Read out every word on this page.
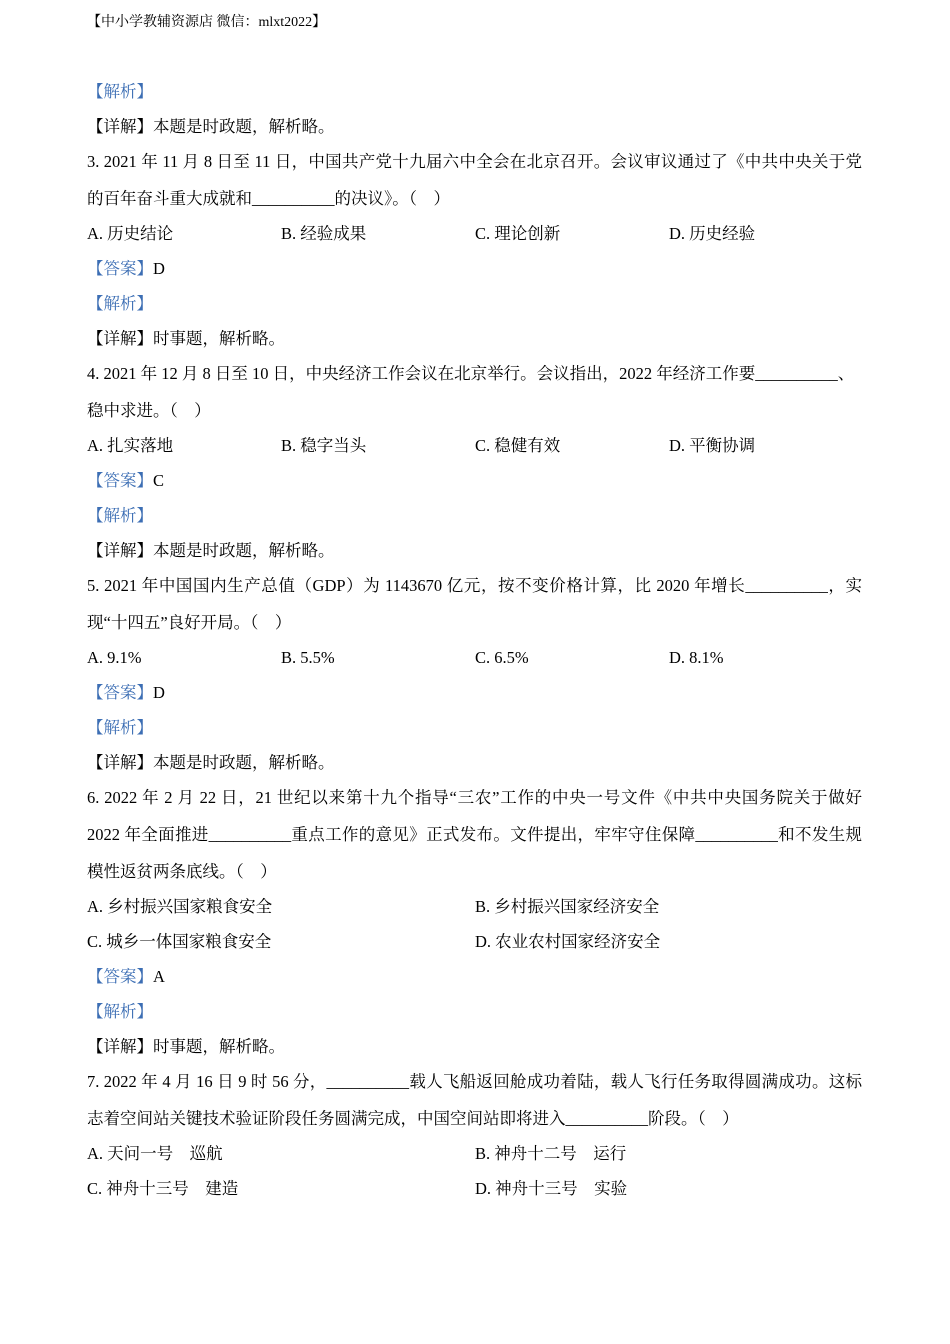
【中小学教辅资源店 微信：mlxt2022】
【解析】
【详解】本题是时政题，解析略。
3. 2021 年 11 月 8 日至 11 日，中国共产党十九届六中全会在北京召开。会议审议通过了《中共中央关于党
的百年奋斗重大成就和__________的决议》。（　）
A. 历史结论	B. 经验成果	C. 理论创新	D. 历史经验
【答案】D
【解析】
【详解】时事题，解析略。
4. 2021 年 12 月 8 日至 10 日，中央经济工作会议在北京举行。会议指出，2022 年经济工作要__________、
稳中求进。（　）
A. 扎实落地	B. 稳字当头	C. 稳健有效	D. 平衡协调
【答案】C
【解析】
【详解】本题是时政题，解析略。
5. 2021 年中国国内生产总值（GDP）为 1143670 亿元，按不变价格计算，比 2020 年增长__________，实
现“十四五”良好开局。（　）
A. 9.1%	B. 5.5%	C. 6.5%	D. 8.1%
【答案】D
【解析】
【详解】本题是时政题，解析略。
6. 2022 年 2 月 22 日，21 世纪以来第十九个指导“三农”工作的中央一号文件《中共中央国务院关于做好
2022 年全面推进__________重点工作的意见》正式发布。文件提出，牢牢守住保障__________和不发生规
模性返贫两条底线。（　）
A. 乡村振兴国家粮食安全	B. 乡村振兴国家经济安全
C. 城乡一体国家粮食安全	D. 农业农村国家经济安全
【答案】A
【解析】
【详解】时事题，解析略。
7. 2022 年 4 月 16 日 9 时 56 分，__________载人飞船返回舱成功着陆，载人飞行任务取得圆满成功。这标
志着空间站关键技术验证阶段任务圆满完成，中国空间站即将进入__________阶段。（　）
A. 天问一号　巡航	B. 神舟十二号　运行
C. 神舟十三号　建造	D. 神舟十三号　实验
